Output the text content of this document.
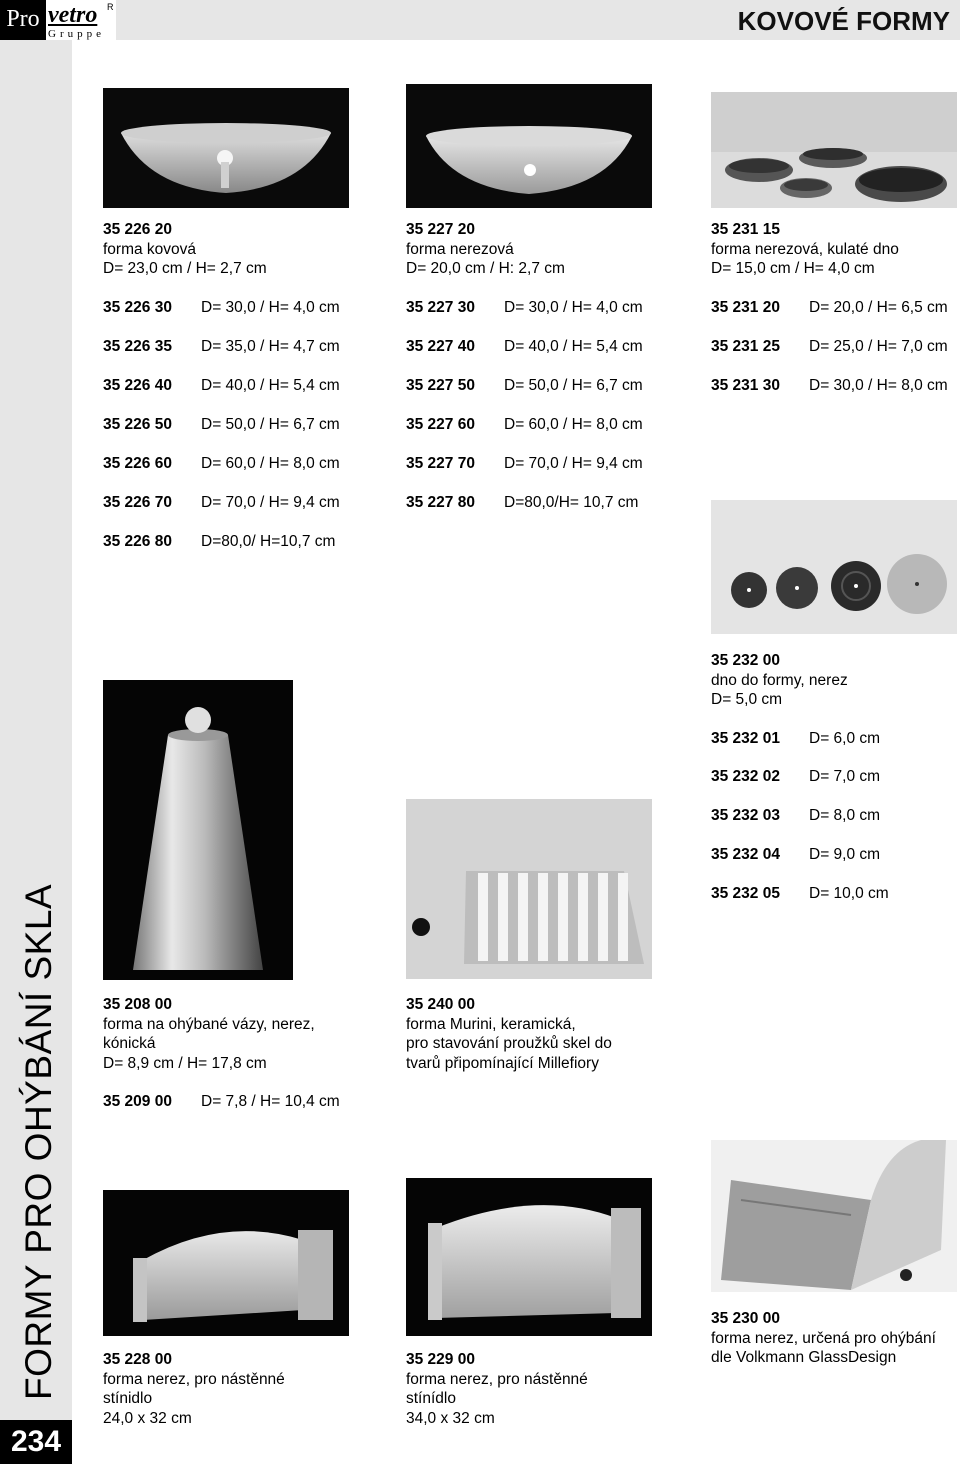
Pro vetro R
Gruppe	KOVOVÉ FORMY
FORMY PRO OHÝBÁNÍ SKLA
234
35 226 20
forma kovová
D= 23,0 cm / H= 2,7 cm
35 226 30 D= 30,0 / H= 4,0 cm
35 226 35 D= 35,0 / H= 4,7 cm
35 226 40 D= 40,0 / H= 5,4 cm
35 226 50 D= 50,0 / H= 6,7 cm
35 226 60 D= 60,0 / H= 8,0 cm
35 226 70 D= 70,0 / H= 9,4 cm
35 226 80 D=80,0/ H=10,7 cm
35 227 20
forma nerezová
D= 20,0 cm / H: 2,7 cm
35 227 30 D= 30,0 / H= 4,0 cm
35 227 40 D= 40,0 / H= 5,4 cm
35 227 50 D= 50,0 / H= 6,7 cm
35 227 60 D= 60,0 / H= 8,0 cm
35 227 70 D= 70,0 / H= 9,4 cm
35 227 80 D=80,0/H= 10,7 cm
35 231 15
forma nerezová, kulaté dno
D= 15,0 cm / H= 4,0 cm
35 231 20 D= 20,0 / H= 6,5 cm
35 231 25 D= 25,0 / H= 7,0 cm
35 231 30 D= 30,0 / H= 8,0 cm
35 232 00
dno do formy, nerez
D= 5,0 cm
35 232 01 D= 6,0 cm
35 232 02 D= 7,0 cm
35 232 03 D= 8,0 cm
35 232 04 D= 9,0 cm
35 232 05 D= 10,0 cm
35 208 00
forma na ohýbané vázy, nerez,
kónická
D= 8,9 cm / H= 17,8 cm
35 209 00 D= 7,8 / H= 10,4 cm
35 240 00
forma Murini, keramická,
pro stavování proužků skel do
tvarů připomínající Millefiory
35 228 00
forma nerez, pro nástěnné
stínidlo
24,0 x 32 cm
35 229 00
forma nerez, pro nástěnné
stínídlo
34,0 x 32 cm
35 230 00
forma nerez, určená pro ohýbání
dle Volkmann GlassDesign
